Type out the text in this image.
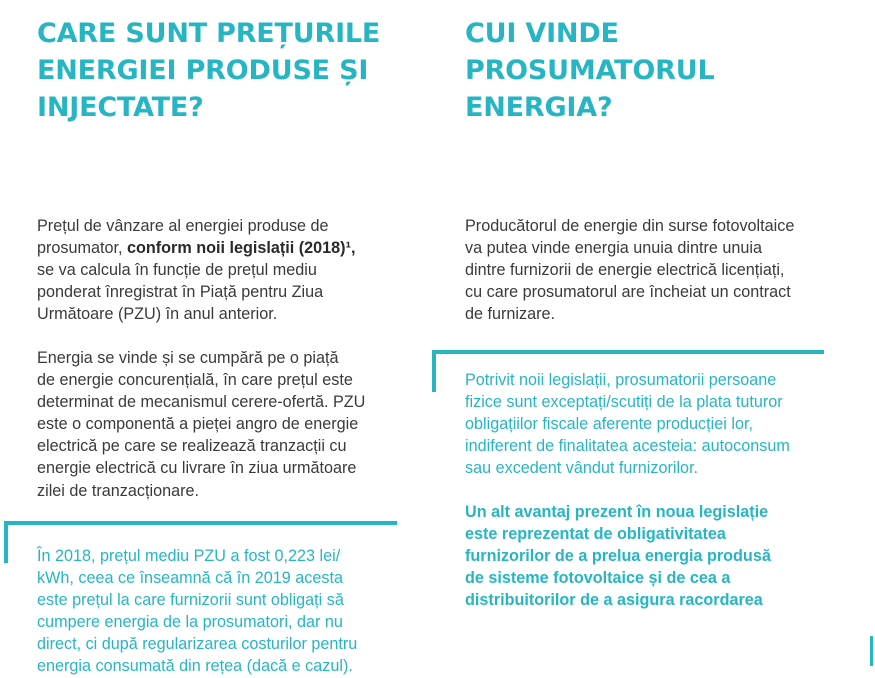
CARE SUNT PREȚURILE
ENERGIEI PRODUSE ȘI
INJECTATE?

Prețul de vânzare al energiei produse de
prosumator, conform noii legislații (2018)¹,
se va calcula în funcție de prețul mediu
ponderat înregistrat în Piață pentru Ziua
Următoare (PZU) în anul anterior.

Energia se vinde și se cumpără pe o piață
de energie concurențială, în care prețul este
determinat de mecanismul cerere-ofertă. PZU
este o componentă a pieței angro de energie
electrică pe care se realizează tranzacții cu
energie electrică cu livrare în ziua următoare
zilei de tranzacționare.

În 2018, prețul mediu PZU a fost 0,223 lei/
kWh, ceea ce înseamnă că în 2019 acesta
este prețul la care furnizorii sunt obligați să
cumpere energia de la prosumatori, dar nu
direct, ci după regularizarea costurilor pentru
energia consumată din rețea (dacă e cazul).

CUI VINDE PROSUMATORUL
ENERGIA?

Producătorul de energie din surse fotovoltaice
va putea vinde energia unuia dintre unuia
dintre furnizorii de energie electrică licențiați,
cu care prosumatorul are încheiat un contract
de furnizare.

Potrivit noii legislații, prosumatorii persoane
fizice sunt exceptați/scutiți de la plata tuturor
obligațiilor fiscale aferente producției lor,
indiferent de finalitatea acesteia: autoconsum
sau excedent vândut furnizorilor.

Un alt avantaj prezent în noua legislație
este reprezentat de obligativitatea
furnizorilor de a prelua energia produsă
de sisteme fotovoltaice și de cea a
distribuitorilor de a asigura racordarea
